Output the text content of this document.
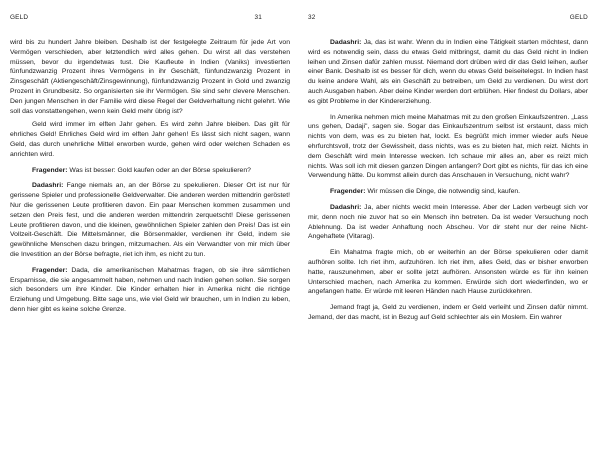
GELD	31

wird bis zu hundert Jahre bleiben. Deshalb ist der festgelegte Zeitraum für jede Art von Vermögen verschieden, aber letztendlich wird alles gehen. Du wirst all das verstehen müssen, bevor du irgendetwas tust. Die Kaufleute in Indien (Vaniks) investierten fünfundzwanzig Prozent ihres Vermögens in ihr Geschäft, fünfundzwanzig Prozent in Zinsgeschäft (Aktiengeschäft/Zinsgewinnung), fünfundzwanzig Prozent in Gold und zwanzig Prozent in Grundbesitz. So organisierten sie ihr Vermögen. Sie sind sehr clevere Menschen. Den jungen Menschen in der Familie wird diese Regel der Geldverhaltung nicht gelehrt. Wie soll das vonstattengehen, wenn kein Geld mehr übrig ist?

Geld wird immer im elften Jahr gehen. Es wird zehn Jahre bleiben. Das gilt für ehrliches Geld! Ehrliches Geld wird im elften Jahr gehen! Es lässt sich nicht sagen, wann Geld, das durch unehrliche Mittel erworben wurde, gehen wird oder welchen Schaden es anrichten wird.

Fragender: Was ist besser: Gold kaufen oder an der Börse spekulieren?

Dadashri: Fange niemals an, an der Börse zu spekulieren. Dieser Ort ist nur für gerissene Spieler und professionelle Geldverwalter. Die anderen werden mittendrin geröstet! Nur die gerissenen Leute profitieren davon. Ein paar Menschen kommen zusammen und setzen den Preis fest, und die anderen werden mittendrin zerquetscht! Diese gerissenen Leute profitieren davon, und die kleinen, gewöhnlichen Spieler zahlen den Preis! Das ist ein Vollzeit-Geschäft. Die Mittelsmänner, die Börsenmakler, verdienen ihr Geld, indem sie gewöhnliche Menschen dazu bringen, mitzumachen. Als ein Verwandter von mir mich über die Investition an der Börse befragte, riet ich ihm, es nicht zu tun.

Fragender: Dada, die amerikanischen Mahatmas fragen, ob sie ihre sämtlichen Ersparnisse, die sie angesammelt haben, nehmen und nach Indien gehen sollen. Sie sorgen sich besonders um ihre Kinder. Die Kinder erhalten hier in Amerika nicht die richtige Erziehung und Umgebung. Bitte sage uns, wie viel Geld wir brauchen, um in Indien zu leben, denn hier gibt es keine solche Grenze.

32	GELD

Dadashri: Ja, das ist wahr. Wenn du in Indien eine Tätigkeit starten möchtest, dann wird es notwendig sein, dass du etwas Geld mitbringst, damit du das Geld nicht in Indien leihen und Zinsen dafür zahlen musst. Niemand dort drüben wird dir das Geld leihen, außer einer Bank. Deshalb ist es besser für dich, wenn du etwas Geld beiseitelegst. In Indien hast du keine andere Wahl, als ein Geschäft zu betreiben, um Geld zu verdienen. Du wirst dort auch Ausgaben haben. Aber deine Kinder werden dort erblühen. Hier findest du Dollars, aber es gibt Probleme in der Kindererziehung.

In Amerika nehmen mich meine Mahatmas mit zu den großen Einkaufszentren. „Lass uns gehen, Dadaji", sagen sie. Sogar das Einkaufszentrum selbst ist erstaunt, dass mich nichts von dem, was es zu bieten hat, lockt. Es begrüßt mich immer wieder aufs Neue ehrfurchtsvoll, trotz der Gewissheit, dass nichts, was es zu bieten hat, mich reizt. Nichts in dem Geschäft wird mein Interesse wecken. Ich schaue mir alles an, aber es reizt mich nichts. Was soll ich mit diesen ganzen Dingen anfangen? Dort gibt es nichts, für das ich eine Verwendung hätte. Du kommst allein durch das Anschauen in Versuchung, nicht wahr?

Fragender: Wir müssen die Dinge, die notwendig sind, kaufen.

Dadashri: Ja, aber nichts weckt mein Interesse. Aber der Laden verbeugt sich vor mir, denn noch nie zuvor hat so ein Mensch ihn betreten. Da ist weder Versuchung noch Ablehnung. Da ist weder Anhaftung noch Abscheu. Vor dir steht nur der reine Nicht-Angehaftete (Vitarag).

Ein Mahatma fragte mich, ob er weiterhin an der Börse spekulieren oder damit aufhören sollte. Ich riet ihm, aufzuhören. Ich riet ihm, alles Geld, das er bisher erworben hatte, rauszunehmen, aber er sollte jetzt aufhören. Ansonsten würde es für ihn keinen Unterschied machen, nach Amerika zu kommen. Erwürde sich dort wiederfinden, wo er angefangen hatte. Er würde mit leeren Händen nach Hause zurückkehren.

Jemand fragt ja, Geld zu verdienen, indem er Geld verleiht und Zinsen dafür nimmt. Jemand, der das macht, ist in Bezug auf Geld schlechter als ein Moslem. Ein wahrer
